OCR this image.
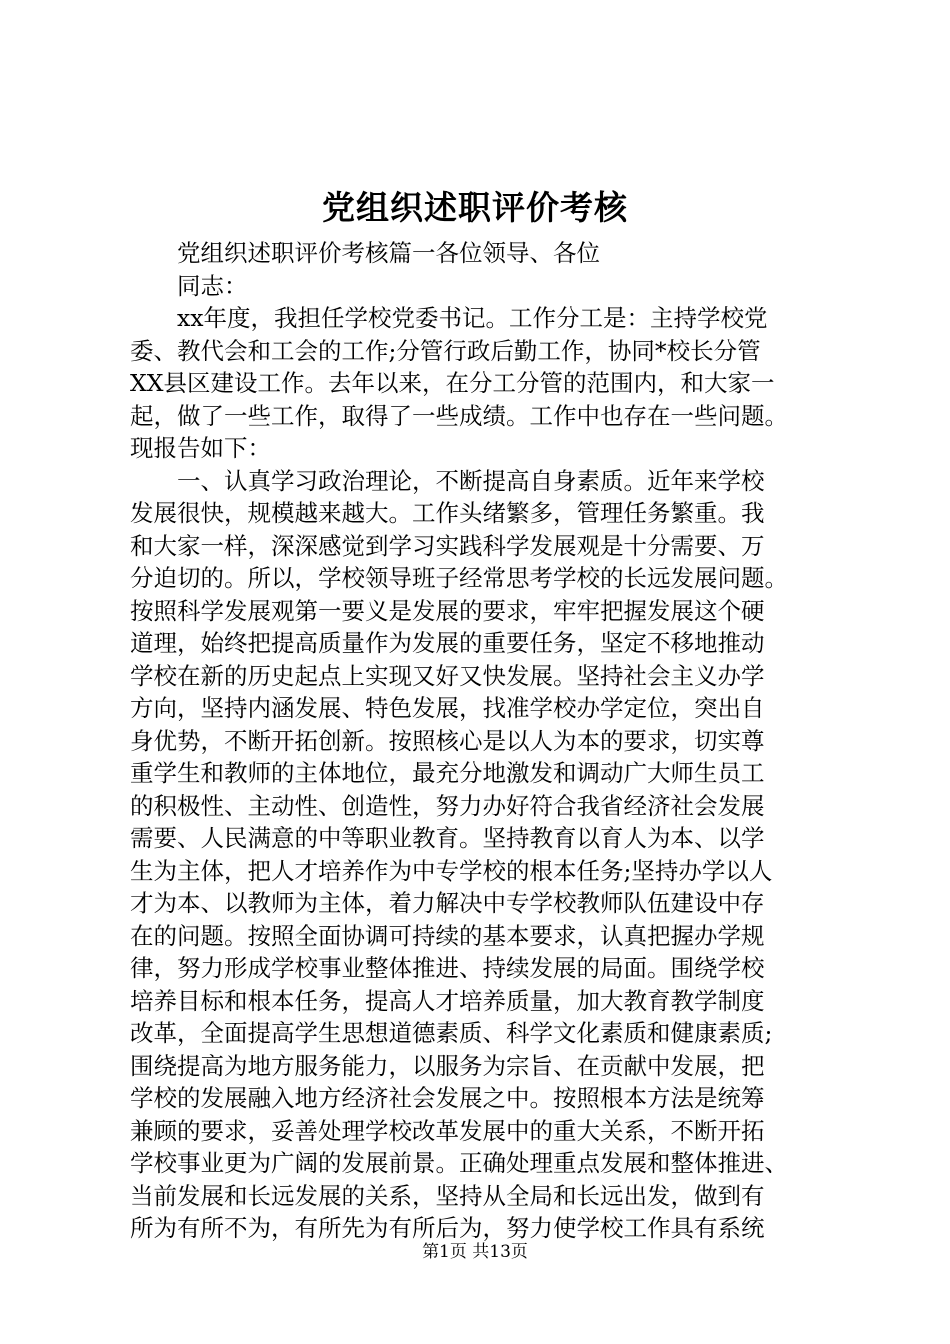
党组织述职评价考核
党组织述职评价考核篇一各位领导、各位
同志：
xx年度，我担任学校党委书记。工作分工是：主持学校党
委、教代会和工会的工作;分管行政后勤工作，协同*校长分管
XX县区建设工作。去年以来，在分工分管的范围内，和大家一
起，做了一些工作，取得了一些成绩。工作中也存在一些问题。
现报告如下：
一、认真学习政治理论，不断提高自身素质。近年来学校
发展很快，规模越来越大。工作头绪繁多，管理任务繁重。我
和大家一样，深深感觉到学习实践科学发展观是十分需要、万
分迫切的。所以，学校领导班子经常思考学校的长远发展问题。
按照科学发展观第一要义是发展的要求，牢牢把握发展这个硬
道理，始终把提高质量作为发展的重要任务，坚定不移地推动
学校在新的历史起点上实现又好又快发展。坚持社会主义办学
方向，坚持内涵发展、特色发展，找准学校办学定位，突出自
身优势，不断开拓创新。按照核心是以人为本的要求，切实尊
重学生和教师的主体地位，最充分地激发和调动广大师生员工
的积极性、主动性、创造性，努力办好符合我省经济社会发展
需要、人民满意的中等职业教育。坚持教育以育人为本、以学
生为主体，把人才培养作为中专学校的根本任务;坚持办学以人
才为本、以教师为主体，着力解决中专学校教师队伍建设中存
在的问题。按照全面协调可持续的基本要求，认真把握办学规
律，努力形成学校事业整体推进、持续发展的局面。围绕学校
培养目标和根本任务，提高人才培养质量，加大教育教学制度
改革，全面提高学生思想道德素质、科学文化素质和健康素质;
围绕提高为地方服务能力，以服务为宗旨、在贡献中发展，把
学校的发展融入地方经济社会发展之中。按照根本方法是统筹
兼顾的要求，妥善处理学校改革发展中的重大关系，不断开拓
学校事业更为广阔的发展前景。正确处理重点发展和整体推进、
当前发展和长远发展的关系，坚持从全局和长远出发，做到有
所为有所不为，有所先为有所后为，努力使学校工作具有系统
第1页 共13页
